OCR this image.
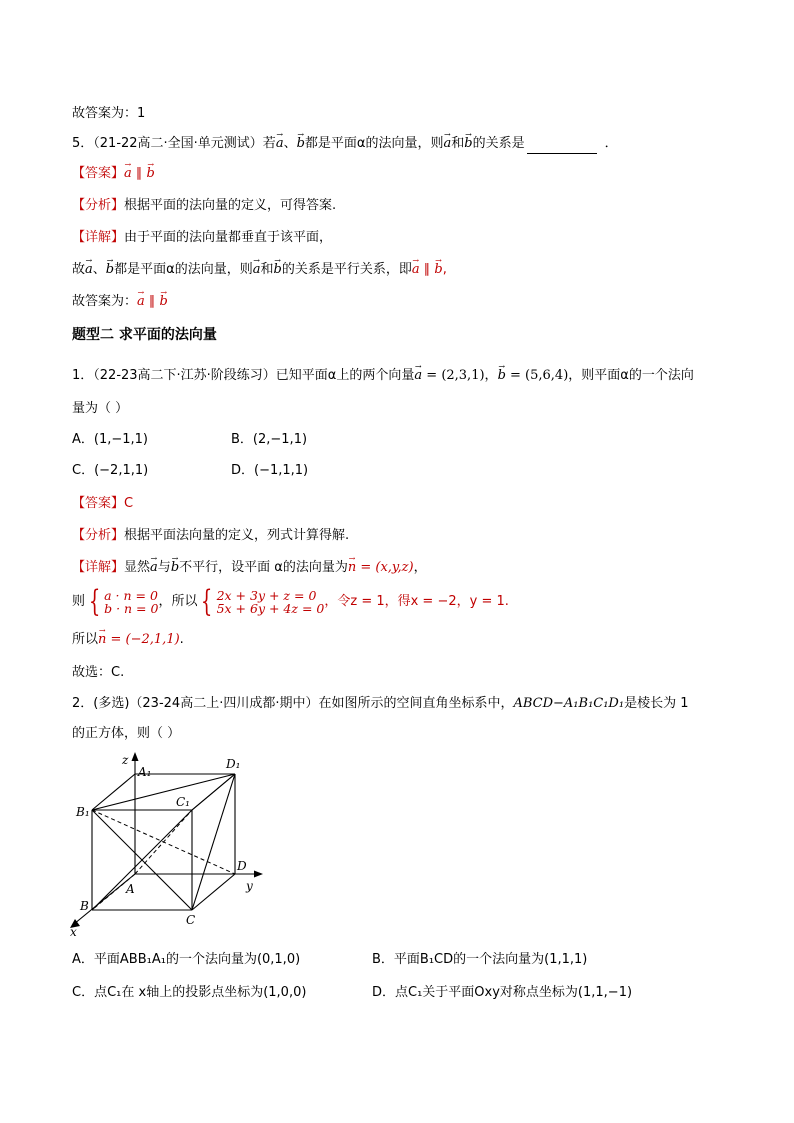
故答案为：1
5．（21-22高二·全国·单元测试）若→ a、→ b都是平面α的法向量，则→ a和→ b的关系是	．
【答案】→ a ∥ → b
【分析】根据平面的法向量的定义，可得答案.
【详解】由于平面的法向量都垂直于该平面，
故→ a、→ b都是平面α的法向量，则→ a和→ b的关系是平行关系，即→ a ∥ → b,
故答案为：→ a ∥ → b
题型二 求平面的法向量
1．（22-23高二下·江苏·阶段练习）已知平面α上的两个向量→ a = (2,3,1)，→ b = (5,6,4)，则平面α的一个法向
量为（ ）
A．(1,−1,1)	B．(2,−1,1)
C．(−2,1,1)	D．(−1,1,1)
【答案】C
【分析】根据平面法向量的定义，列式计算得解.
【详解】显然→ a与→ b不平行，设平面 α的法向量为→ n = (x,y,z)，
则 { a · n = 0
b · n = 0 ，所以 { 2x + 3y + z = 0
5x + 6y + 4z = 0 ，令z = 1，得x = −2，y = 1.
所以→ n = (−2,1,1).
故选：C.
2．(多选)（23-24高二上·四川成都·期中）在如图所示的空间直角坐标系中，ABCD−A₁B₁C₁D₁是棱长为 1
的正方体，则（ ）
z
y
x
A₁
D₁
B₁
C₁
A
B
C
D
A．平面ABB₁A₁的一个法向量为(0,1,0)	B．平面B₁CD的一个法向量为(1,1,1)
C．点C₁在 x轴上的投影点坐标为(1,0,0)	D．点C₁关于平面Oxy对称点坐标为(1,1,−1)
